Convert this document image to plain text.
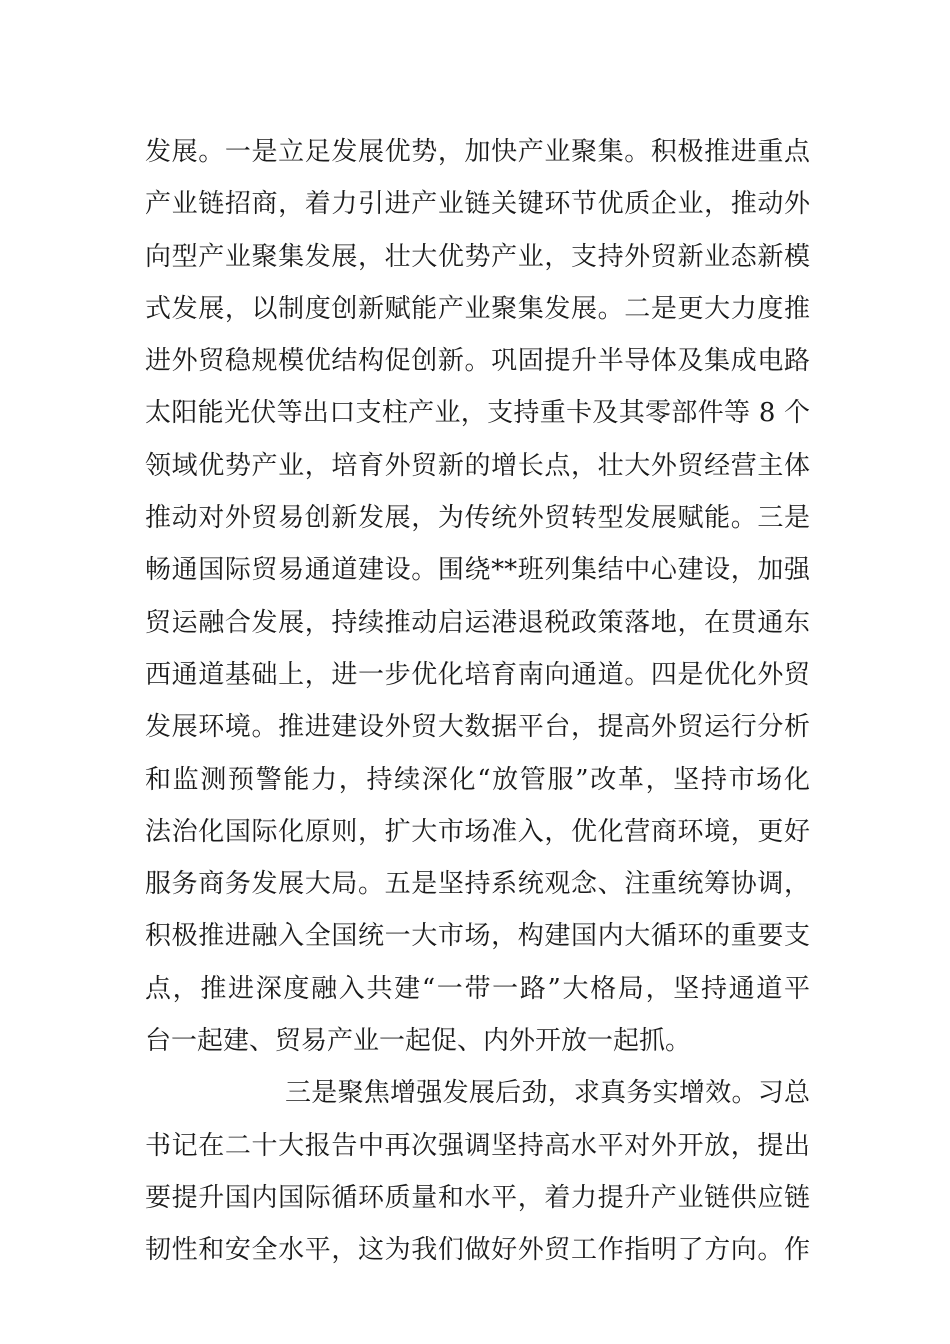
发展。一是立足发展优势，加快产业聚集。积极推进重点
产业链招商，着力引进产业链关键环节优质企业，推动外
向型产业聚集发展，壮大优势产业，支持外贸新业态新模
式发展，以制度创新赋能产业聚集发展。二是更大力度推
进外贸稳规模优结构促创新。巩固提升半导体及集成电路
太阳能光伏等出口支柱产业，支持重卡及其零部件等 8 个
领域优势产业，培育外贸新的增长点，壮大外贸经营主体
推动对外贸易创新发展，为传统外贸转型发展赋能。三是
畅通国际贸易通道建设。围绕**班列集结中心建设，加强
贸运融合发展，持续推动启运港退税政策落地，在贯通东
西通道基础上，进一步优化培育南向通道。四是优化外贸
发展环境。推进建设外贸大数据平台，提高外贸运行分析
和监测预警能力，持续深化“放管服”改革，坚持市场化
法治化国际化原则，扩大市场准入，优化营商环境，更好
服务商务发展大局。五是坚持系统观念、注重统筹协调，
积极推进融入全国统一大市场，构建国内大循环的重要支
点，推进深度融入共建“一带一路”大格局，坚持通道平
台一起建、贸易产业一起促、内外开放一起抓。
三是聚焦增强发展后劲，求真务实增效。习总
书记在二十大报告中再次强调坚持高水平对外开放，提出
要提升国内国际循环质量和水平，着力提升产业链供应链
韧性和安全水平，这为我们做好外贸工作指明了方向。作
